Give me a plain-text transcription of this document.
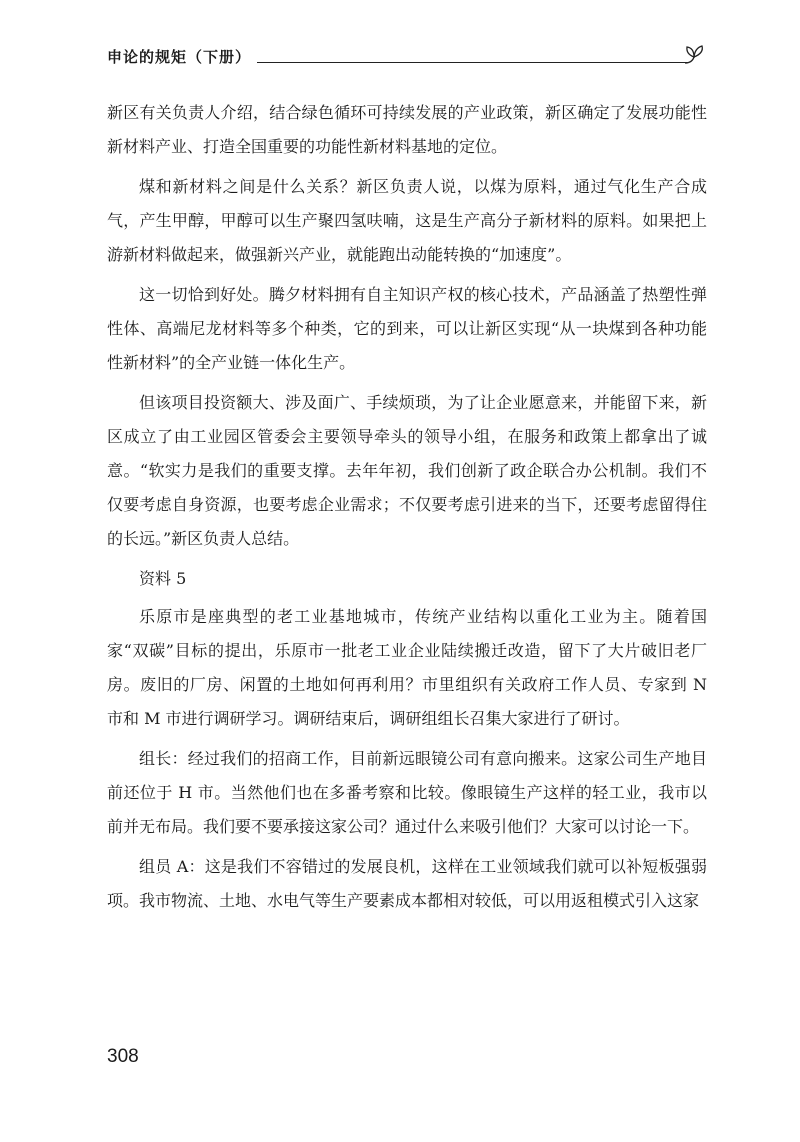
申论的规矩（下册）

新区有关负责人介绍，结合绿色循环可持续发展的产业政策，新区确定了发展功能性新材料产业、打造全国重要的功能性新材料基地的定位。

煤和新材料之间是什么关系？新区负责人说，以煤为原料，通过气化生产合成气，产生甲醇，甲醇可以生产聚四氢呋喃，这是生产高分子新材料的原料。如果把上游新材料做起来，做强新兴产业，就能跑出动能转换的“加速度”。

这一切恰到好处。腾夕材料拥有自主知识产权的核心技术，产品涵盖了热塑性弹性体、高端尼龙材料等多个种类，它的到来，可以让新区实现“从一块煤到各种功能性新材料”的全产业链一体化生产。

但该项目投资额大、涉及面广、手续烦琐，为了让企业愿意来，并能留下来，新区成立了由工业园区管委会主要领导牵头的领导小组，在服务和政策上都拿出了诚意。“软实力是我们的重要支撑。去年年初，我们创新了政企联合办公机制。我们不仅要考虑自身资源，也要考虑企业需求；不仅要考虑引进来的当下，还要考虑留得住的长远。”新区负责人总结。

资料 5

乐原市是座典型的老工业基地城市，传统产业结构以重化工业为主。随着国家“双碳”目标的提出，乐原市一批老工业企业陆续搬迁改造，留下了大片破旧老厂房。废旧的厂房、闲置的土地如何再利用？市里组织有关政府工作人员、专家到 N 市和 M 市进行调研学习。调研结束后，调研组组长召集大家进行了研讨。

组长：经过我们的招商工作，目前新远眼镜公司有意向搬来。这家公司生产地目前还位于 H 市。当然他们也在多番考察和比较。像眼镜生产这样的轻工业，我市以前并无布局。我们要不要承接这家公司？通过什么来吸引他们？大家可以讨论一下。

组员 A：这是我们不容错过的发展良机，这样在工业领域我们就可以补短板强弱项。我市物流、土地、水电气等生产要素成本都相对较低，可以用返租模式引入这家

308
